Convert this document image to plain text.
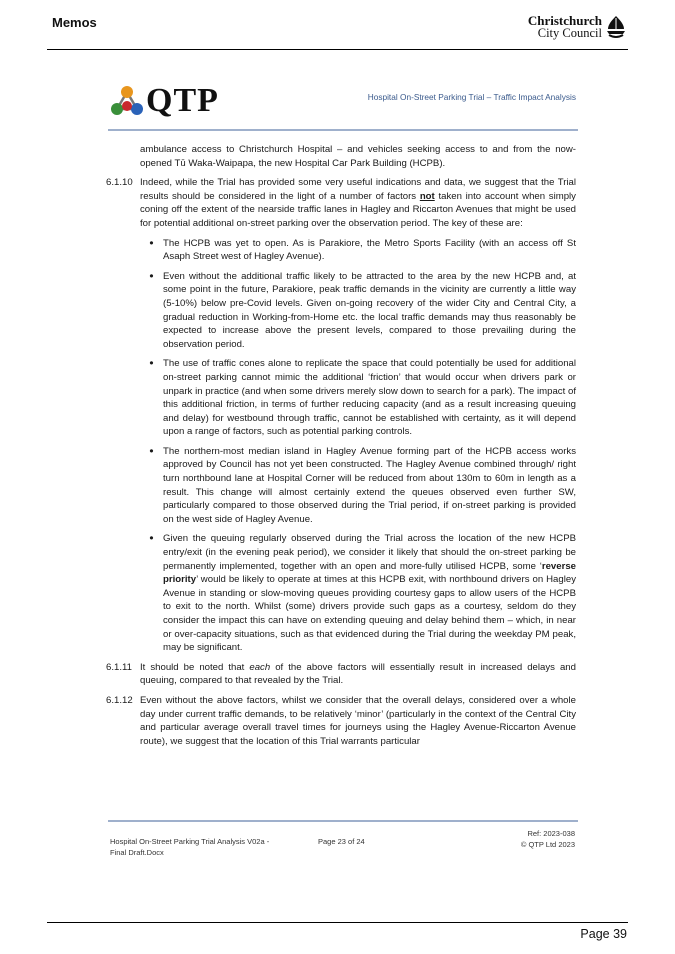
Memos	Christchurch
City Council
QTP	Hospital On-Street Parking Trial – Traffic Impact Analysis
ambulance access to Christchurch Hospital – and vehicles seeking access to and from the now-opened Tū Waka-Waipapa, the new Hospital Car Park Building (HCPB).
6.1.10 Indeed, while the Trial has provided some very useful indications and data, we suggest that the Trial results should be considered in the light of a number of factors not taken into account when simply coning off the extent of the nearside traffic lanes in Hagley and Riccarton Avenues that might be used for potential additional on-street parking over the observation period. The key of these are:
• The HCPB was yet to open. As is Parakiore, the Metro Sports Facility (with an access off St Asaph Street west of Hagley Avenue).
• Even without the additional traffic likely to be attracted to the area by the new HCPB and, at some point in the future, Parakiore, peak traffic demands in the vicinity are currently a little way (5-10%) below pre-Covid levels. Given on-going recovery of the wider City and Central City, a gradual reduction in Working-from-Home etc. the local traffic demands may thus reasonably be expected to increase above the present levels, compared to those prevailing during the observation period.
• The use of traffic cones alone to replicate the space that could potentially be used for additional on-street parking cannot mimic the additional ‘friction’ that would occur when drivers park or unpark in practice (and when some drivers merely slow down to search for a park). The impact of this additional friction, in terms of further reducing capacity (and as a result increasing queuing and delay) for westbound through traffic, cannot be established with certainty, as it will depend upon a range of factors, such as potential parking controls.
• The northern-most median island in Hagley Avenue forming part of the HCPB access works approved by Council has not yet been constructed. The Hagley Avenue combined through/ right turn northbound lane at Hospital Corner will be reduced from about 130m to 60m in length as a result. This change will almost certainly extend the queues observed even further SW, particularly compared to those observed during the Trial period, if on-street parking is provided on the west side of Hagley Avenue.
• Given the queuing regularly observed during the Trial across the location of the new HCPB entry/exit (in the evening peak period), we consider it likely that should the on-street parking be permanently implemented, together with an open and more-fully utilised HCPB, some ‘reverse priority’ would be likely to operate at times at this HCPB exit, with northbound drivers on Hagley Avenue in standing or slow-moving queues providing courtesy gaps to allow users of the HCPB to exit to the north. Whilst (some) drivers provide such gaps as a courtesy, seldom do they consider the impact this can have on extending queuing and delay behind them – which, in near or over-capacity situations, such as that evidenced during the Trial during the weekday PM peak, may be significant.
6.1.11 It should be noted that each of the above factors will essentially result in increased delays and queuing, compared to that revealed by the Trial.
6.1.12 Even without the above factors, whilst we consider that the overall delays, considered over a whole day under current traffic demands, to be relatively ‘minor’ (particularly in the context of the Central City and particular average overall travel times for journeys using the Hagley Avenue-Riccarton Avenue route), we suggest that the location of this Trial warrants particular
Hospital On-Street Parking Trial Analysis V02a -
Final Draft.Docx
Page 23 of 24
Ref: 2023-038
© QTP Ltd 2023
Page 39
